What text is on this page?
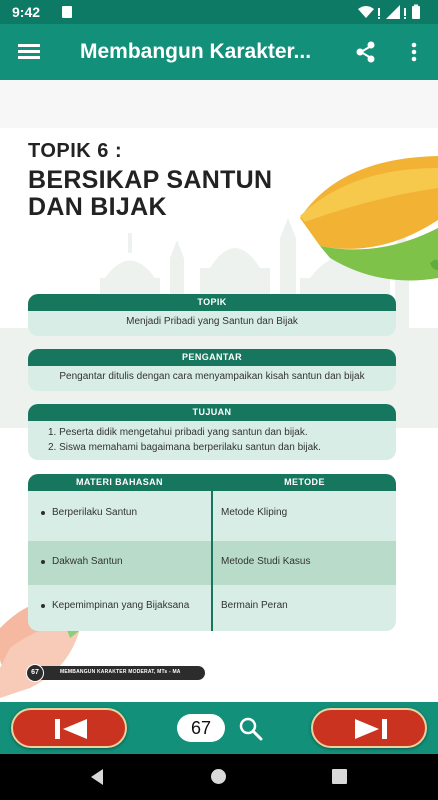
9:42
Membangun Karakter...
TOPIK 6 :
BERSIKAP SANTUN
DAN BIJAK
TOPIK
Menjadi Pribadi yang Santun dan Bijak
PENGANTAR
Pengantar ditulis dengan cara menyampaikan kisah santun dan bijak
TUJUAN
1. Peserta didik mengetahui pribadi yang santun dan bijak.
2. Siswa memahami bagaimana berperilaku santun dan bijak.
MATERI BAHASAN	METODE
Berperilaku Santun	Metode Kliping
Dakwah Santun	Metode Studi Kasus
Kepemimpinan yang Bijaksana	Bermain Peran
67	MEMBANGUN KARAKTER MODERAT, MTs - MA
67
